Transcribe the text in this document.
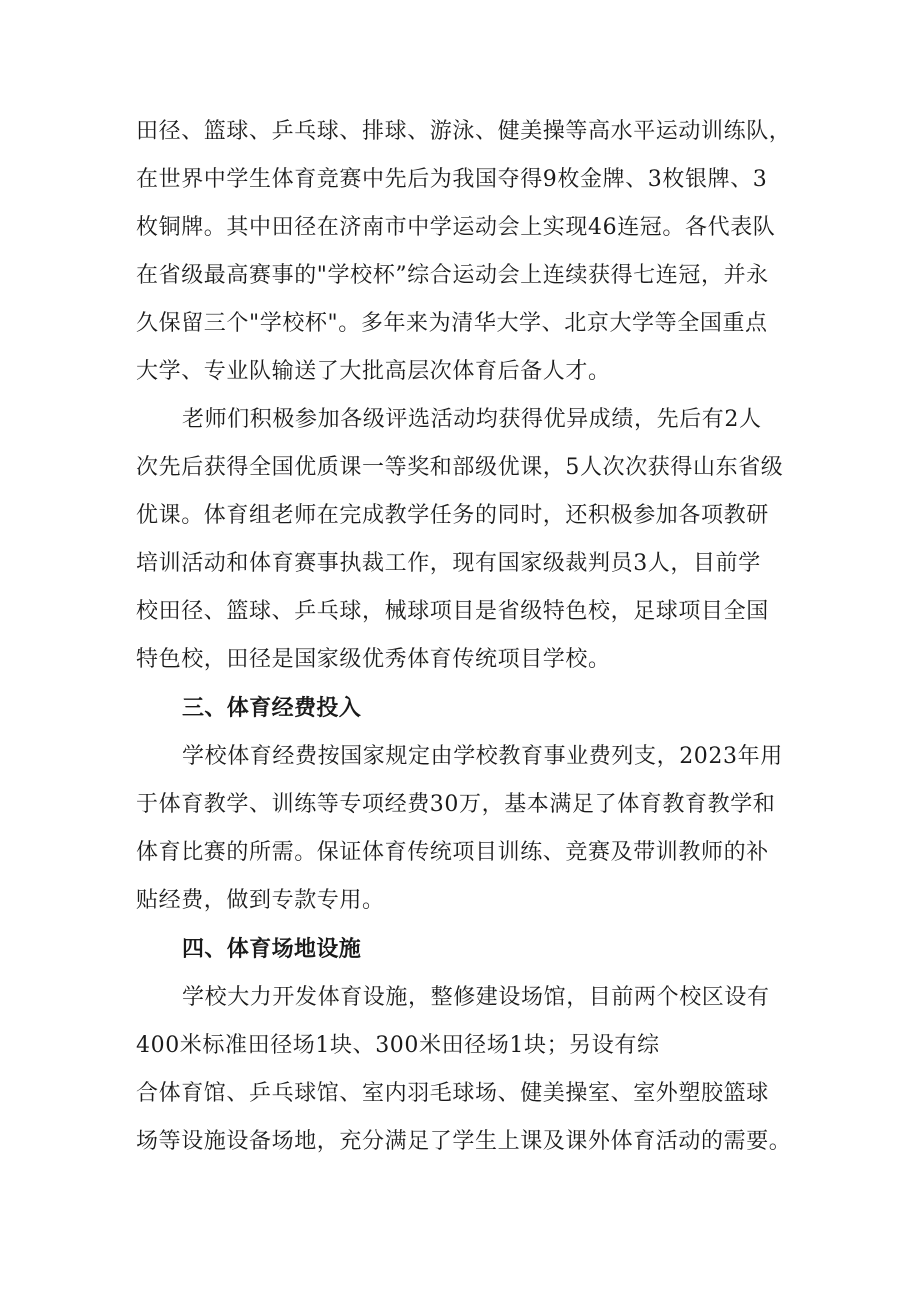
田径、篮球、乒乓球、排球、游泳、健美操等高水平运动训练队，
在世界中学生体育竞赛中先后为我国夺得9枚金牌、3枚银牌、3
枚铜牌。其中田径在济南市中学运动会上实现46连冠。各代表队
在省级最高赛事的"学校杯”综合运动会上连续获得七连冠，并永
久保留三个"学校杯"。多年来为清华大学、北京大学等全国重点
大学、专业队输送了大批高层次体育后备人才。
老师们积极参加各级评选活动均获得优异成绩，先后有2人
次先后获得全国优质课一等奖和部级优课，5人次次获得山东省级
优课。体育组老师在完成教学任务的同时，还积极参加各项教研
培训活动和体育赛事执裁工作，现有国家级裁判员3人，目前学
校田径、篮球、乒乓球，械球项目是省级特色校，足球项目全国
特色校，田径是国家级优秀体育传统项目学校。
三、体育经费投入
学校体育经费按国家规定由学校教育事业费列支，2023年用
于体育教学、训练等专项经费30万，基本满足了体育教育教学和
体育比赛的所需。保证体育传统项目训练、竞赛及带训教师的补
贴经费，做到专款专用。
四、体育场地设施
学校大力开发体育设施，整修建设场馆，目前两个校区设有
400米标准田径场1块、300米田径场1块；另设有综
合体育馆、乒乓球馆、室内羽毛球场、健美操室、室外塑胶篮球
场等设施设备场地，充分满足了学生上课及课外体育活动的需要。
